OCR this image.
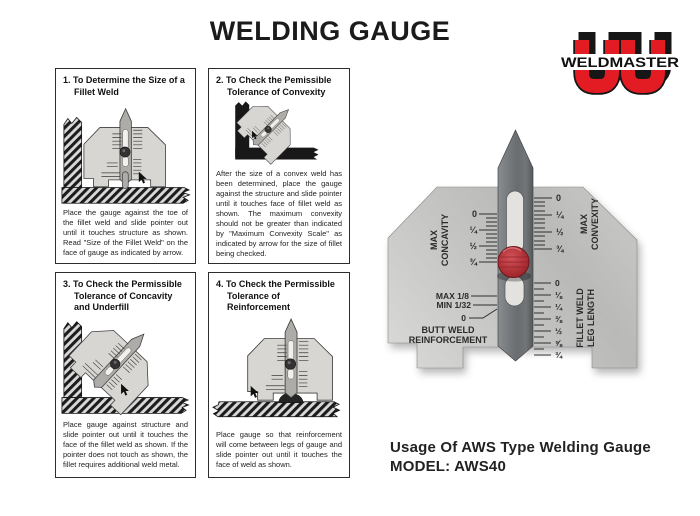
WELDING GAUGE
WELDMASTER
1. To Determine the Size of a Fillet Weld
Place the gauge against the toe of the fillet weld and slide pointer out until it touches structure as shown. Read "Size of the Fillet Weld" on the face of gauge as indicated by arrow.
2. To Check the Pemissible Tolerance of Convexity
After the size of a convex weld has been determined, place the gauge against the structure and slide pointer until it touches face of fillet weld as shown. The maximum convexity should not be greater than indicated by "Maximum Convexity Scale" as indicated by arrow for the size of fillet being checked.
3. To Check the Permissible Tolerance of Concavity and Underfill
Place gauge against structure and slide pointer out until it touches the face of the fillet weld as shown. If the pointer does not touch as shown, the fillet requires additional weld metal.
4. To Check the Permissible Tolerance of Reinforcement
Place gauge so that reinforcement will come between legs of gauge and slide pointer out until it touches the face of weld as shown.
0
¼
½
¾
MAX CONCAVITY
0
¼
½
¾
MAX CONVEXITY
0
⅛
¼
⅜
½
⅝
¾
FILLET WELD LEG LENGTH
MAX 1/8
MIN 1/32
0
BUTT WELD
REINFORCEMENT
Usage Of AWS Type Welding Gauge
MODEL: AWS40
